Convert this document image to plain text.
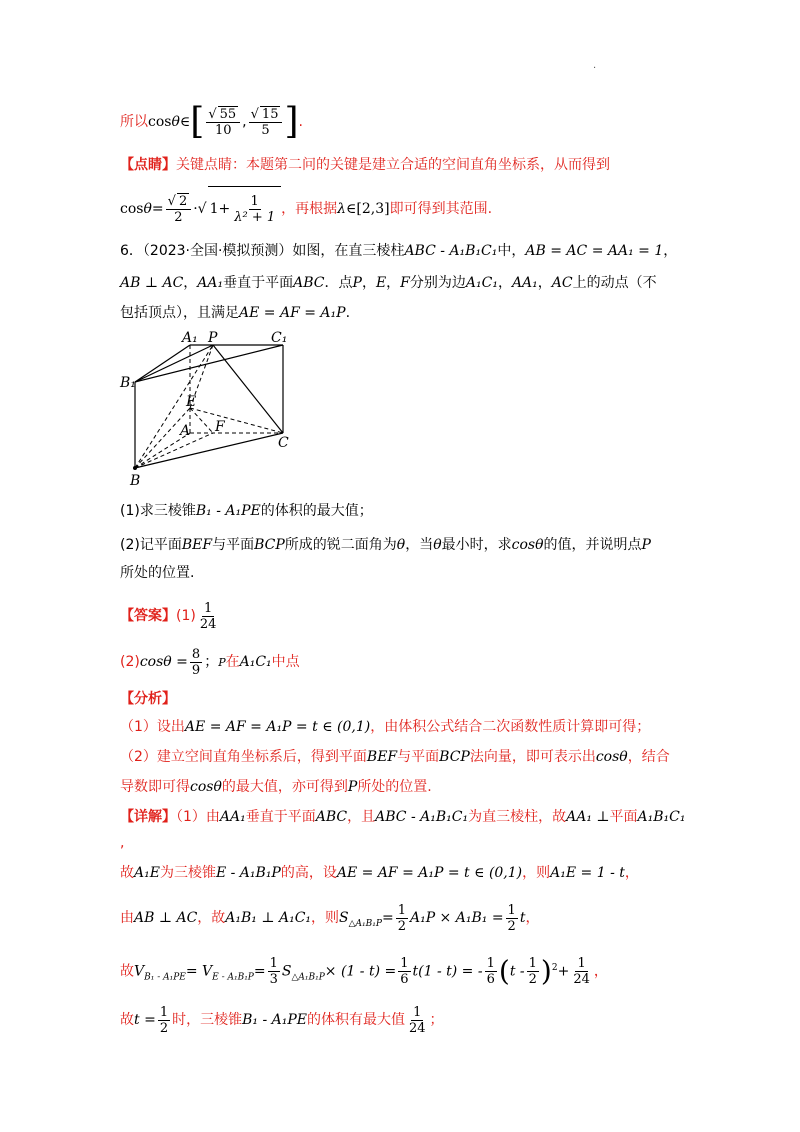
.
所以cosθ∈[ $\frac{√ 55}{10}$ , $\frac{√ 15}{5}$ ].
【点睛】关键点睛：本题第二问的关键是建立合适的空间直角坐标系，从而得到
$\cos\theta= \frac{√ 2}{2}$ ·√ $1+ \frac{1}{\text{λ² + 1}}$ ，再根据λ∈[2,3]即可得到其范围.
6．（2023·全国·模拟预测）如图，在直三棱柱ABC - A₁B₁C₁中，AB = AC = AA₁ = 1，
AB ⊥ AC，AA₁垂直于平面ABC．点P，E，F分别为边A₁C₁，AA₁，AC上的动点（不
包括顶点），且满足AE = AF = A₁P.
A₁ P	C₁
B₁
E
A F
C
B
(1)求三棱锥B₁ - A₁PE的体积的最大值；
(2)记平面BEF与平面BCP所成的锐二面角为θ，当θ最小时，求cosθ的值，并说明点P
所处的位置.
【答案】$(1) \frac{1}{24}$
$(2)\cos\theta = \frac{8}{9}$ ；P在A₁C₁中点
【分析】
（1）设出AE = AF = A₁P = t ∈ (0,1)，由体积公式结合二次函数性质计算即可得；
（2）建立空间直角坐标系后，得到平面BEF与平面BCP法向量，即可表示出cosθ，结合
导数即可得cosθ的最大值，亦可得到P所处的位置.
【详解】（1）由AA₁垂直于平面ABC，且ABC - A₁B₁C₁为直三棱柱，故AA₁ ⊥平面A₁B₁C₁
,
故A₁E为三棱锥E - A₁B₁P的高，设AE = AF = A₁P = t ∈ (0,1)，则A₁E = 1 - t，
由AB ⊥ AC，故A₁B₁ ⊥ A₁C₁，则$S_{\triangle A_1B_1P}= \frac{1}{2} A_1P \times A_1B_1 = \frac{1}{2}$ t，
故$V_{B_1 - A_1PE}= V_{E - A_1B_1P}= \frac{1}{3} S_{\triangle A_1B_1P}\times (1 - t) = \frac{1}{6} t(1 - t)$ = - $\frac{1}{6} (t - \frac{1}{2} )^2+ \frac{1}{24}$ ，
故$t = \frac{1}{2}$ 时，三棱锥B₁ - A₁PE的体积有最大值 $\frac{1}{24}$ ；
